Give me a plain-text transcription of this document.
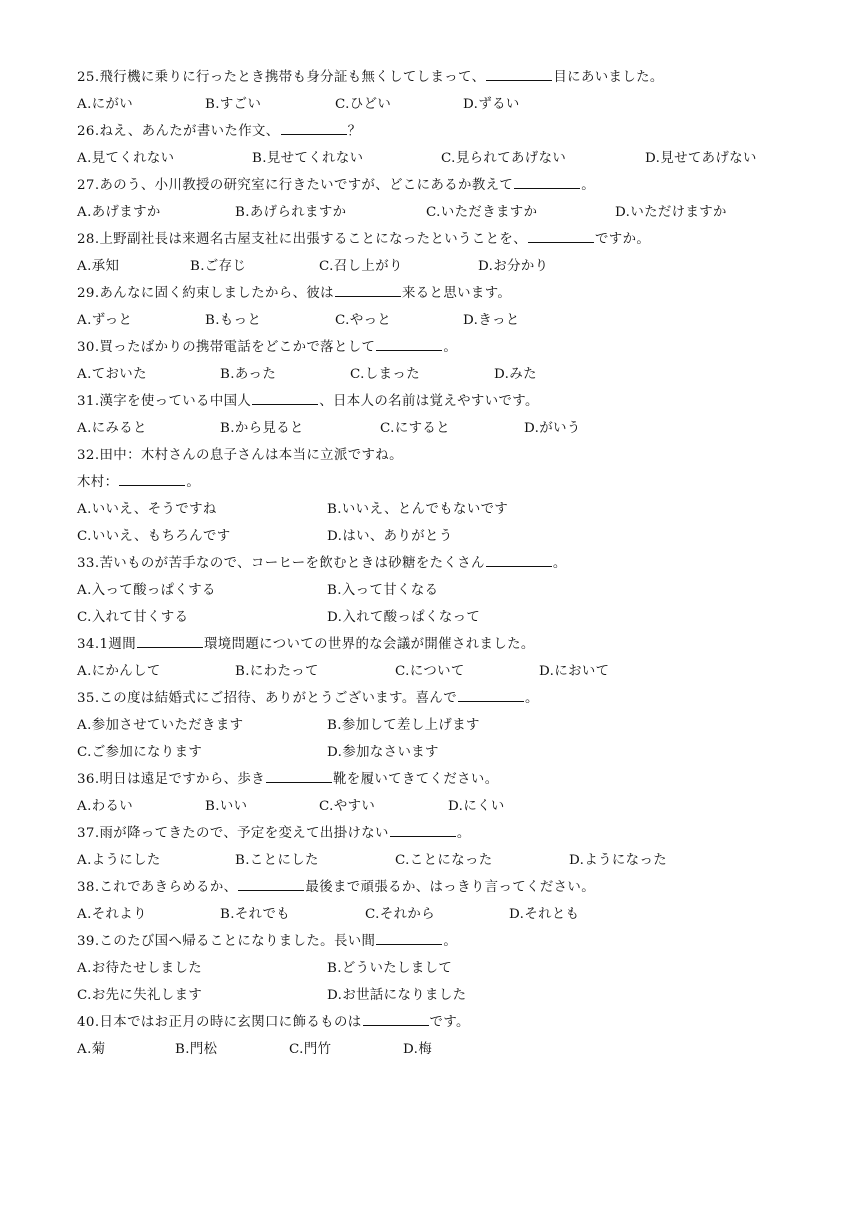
25.飛行機に乗りに行ったとき携帯も身分証も無くしてしまって、	目にあいました。
A.にがい	B.すごい	C.ひどい	D.ずるい
26.ねえ、あんたが書いた作文、	？
A.見てくれない	B.見せてくれない	C.見られてあげない	D.見せてあげない
27.あのう、小川教授の研究室に行きたいですが、どこにあるか教えて	。
A.あげますか	B.あげられますか	C.いただきますか	D.いただけますか
28.上野副社長は来週名古屋支社に出張することになったということを、	ですか。
A.承知	B.ご存じ	C.召し上がり	D.お分かり
29.あんなに固く約束しましたから、彼は	来ると思います。
A.ずっと	B.もっと	C.やっと	D.きっと
30.買ったばかりの携帯電話をどこかで落として	。
A.ておいた	B.あった	C.しまった	D.みた
31.漢字を使っている中国人	、日本人の名前は覚えやすいです。
A.にみると	B.から見ると	C.にすると	D.がいう
32.田中：木村さんの息子さんは本当に立派ですね。
木村：	。
A.いいえ、そうですね	B.いいえ、とんでもないです
C.いいえ、もちろんです	D.はい、ありがとう
33.苦いものが苦手なので、コーヒーを飲むときは砂糖をたくさん	。
A.入って酸っぱくする	B.入って甘くなる
C.入れて甘くする	D.入れて酸っぱくなって
34.1週間	環境問題についての世界的な会議が開催されました。
A.にかんして	B.にわたって	C.について	D.において
35.この度は結婚式にご招待、ありがとうございます。喜んで	。
A.参加させていただきます	B.参加して差し上げます
C.ご参加になります	D.参加なさいます
36.明日は遠足ですから、歩き	靴を履いてきてください。
A.わるい	B.いい	C.やすい	D.にくい
37.雨が降ってきたので、予定を変えて出掛けない	。
A.ようにした	B.ことにした	C.ことになった	D.ようになった
38.これであきらめるか、	最後まで頑張るか、はっきり言ってください。
A.それより	B.それでも	C.それから	D.それとも
39.このたび国へ帰ることになりました。長い間	。
A.お待たせしました	B.どういたしまして
C.お先に失礼します	D.お世話になりました
40.日本ではお正月の時に玄関口に飾るものは	です。
A.菊	B.門松	C.門竹	D.梅
